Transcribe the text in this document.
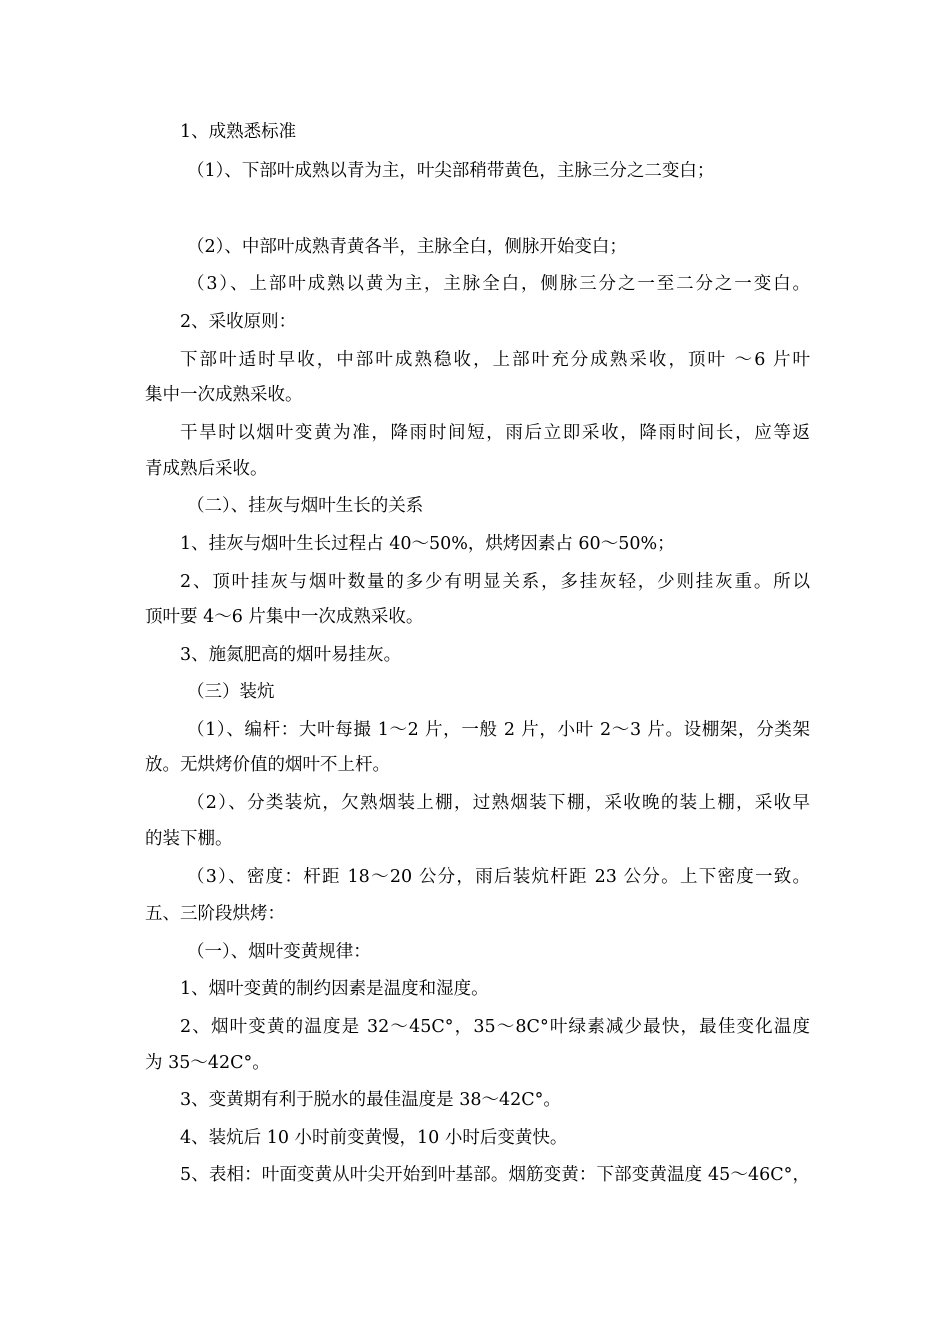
1、成熟悉标准
（1）、下部叶成熟以青为主，叶尖部稍带黄色，主脉三分之二变白；
（2）、中部叶成熟青黄各半，主脉全白，侧脉开始变白；
（3）、上部叶成熟以黄为主，主脉全白，侧脉三分之一至二分之一变白。
2、采收原则：
下部叶适时早收，中部叶成熟稳收，上部叶充分成熟采收，顶叶 ～6 片叶
集中一次成熟采收。
干旱时以烟叶变黄为准，降雨时间短，雨后立即采收，降雨时间长，应等返
青成熟后采收。
（二）、挂灰与烟叶生长的关系
1、挂灰与烟叶生长过程占 40～50%，烘烤因素占 60～50%；
2、顶叶挂灰与烟叶数量的多少有明显关系，多挂灰轻，少则挂灰重。所以
顶叶要 4～6 片集中一次成熟采收。
3、施氮肥高的烟叶易挂灰。
（三）装炕
（1）、编杆：大叶每撮 1～2 片，一般 2 片，小叶 2～3 片。设棚架，分类架
放。无烘烤价值的烟叶不上杆。
（2）、分类装炕，欠熟烟装上棚，过熟烟装下棚，采收晚的装上棚，采收早
的装下棚。
（3）、密度：杆距 18～20 公分，雨后装炕杆距 23 公分。上下密度一致。
五、三阶段烘烤：
（一）、烟叶变黄规律：
1、烟叶变黄的制约因素是温度和湿度。
2、烟叶变黄的温度是 32～45C°，35～8C°叶绿素减少最快，最佳变化温度
为 35～42C°。
3、变黄期有利于脱水的最佳温度是 38～42C°。
4、装炕后 10 小时前变黄慢，10 小时后变黄快。
5、表相：叶面变黄从叶尖开始到叶基部。烟筋变黄：下部变黄温度 45～46C°，
